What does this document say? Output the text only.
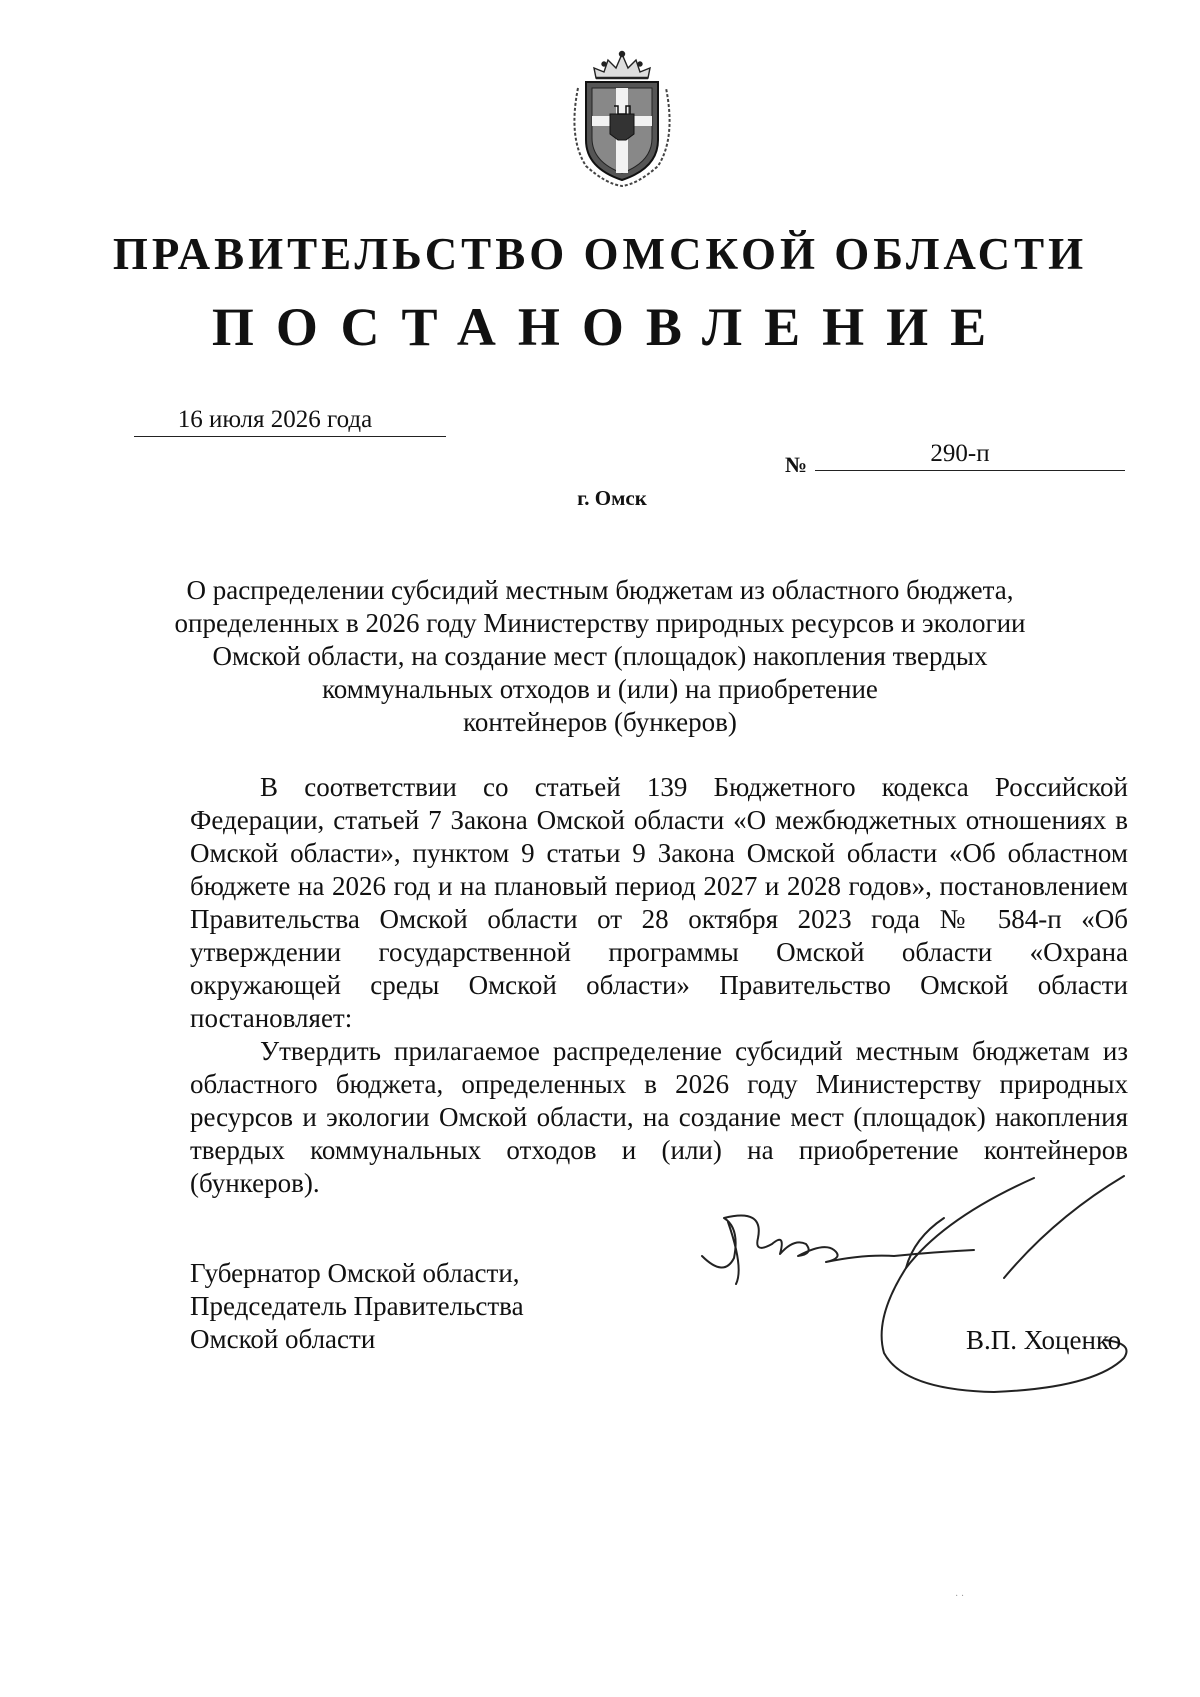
ПРАВИТЕЛЬСТВО ОМСКОЙ ОБЛАСТИ
ПОСТАНОВЛЕНИЕ
16 июля 2026 года
№	290-п
г. Омск
О распределении субсидий местным бюджетам из областного бюджета,
определенных в 2026 году Министерству природных ресурсов и экологии
Омской области, на создание мест (площадок) накопления твердых
коммунальных отходов и (или) на приобретение
контейнеров (бункеров)

В соответствии со статьей 139 Бюджетного кодекса Российской Федерации, статьей 7 Закона Омской области «О межбюджетных отношениях в Омской области», пунктом 9 статьи 9 Закона Омской области «Об областном бюджете на 2026 год и на плановый период 2027 и 2028 годов», постановлением Правительства Омской области от 28 октября 2023 года № 584-п «Об утверждении государственной программы Омской области «Охрана окружающей среды Омской области» Правительство Омской области постановляет:

Утвердить прилагаемое распределение субсидий местным бюджетам из областного бюджета, определенных в 2026 году Министерству природных ресурсов и экологии Омской области, на создание мест (площадок) накопления твердых коммунальных отходов и (или) на приобретение контейнеров (бункеров).

Губернатор Омской области,
Председатель Правительства
Омской области	В.П. Хоценко
· ·
